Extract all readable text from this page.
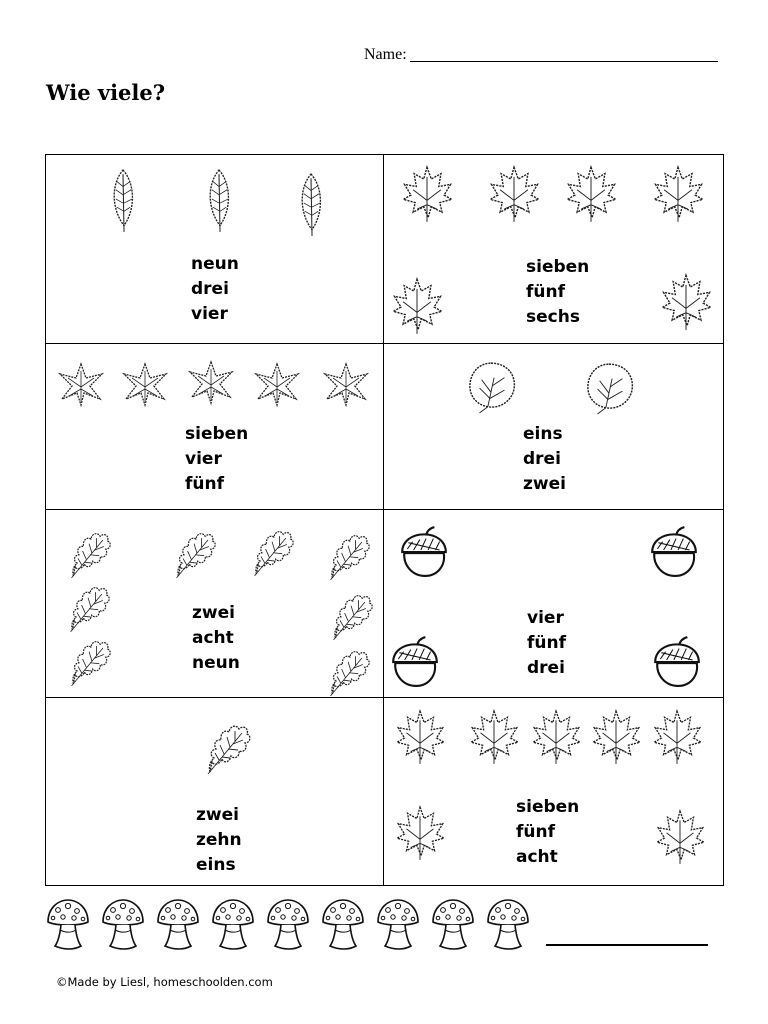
Name:
Wie viele?
neun
drei
vier
sieben
fünf
sechs
sieben
vier
fünf
eins
drei
zwei
zwei
acht
neun
vier
fünf
drei
zwei
zehn
eins
sieben
fünf
acht
©Made by Liesl, homeschoolden.com
